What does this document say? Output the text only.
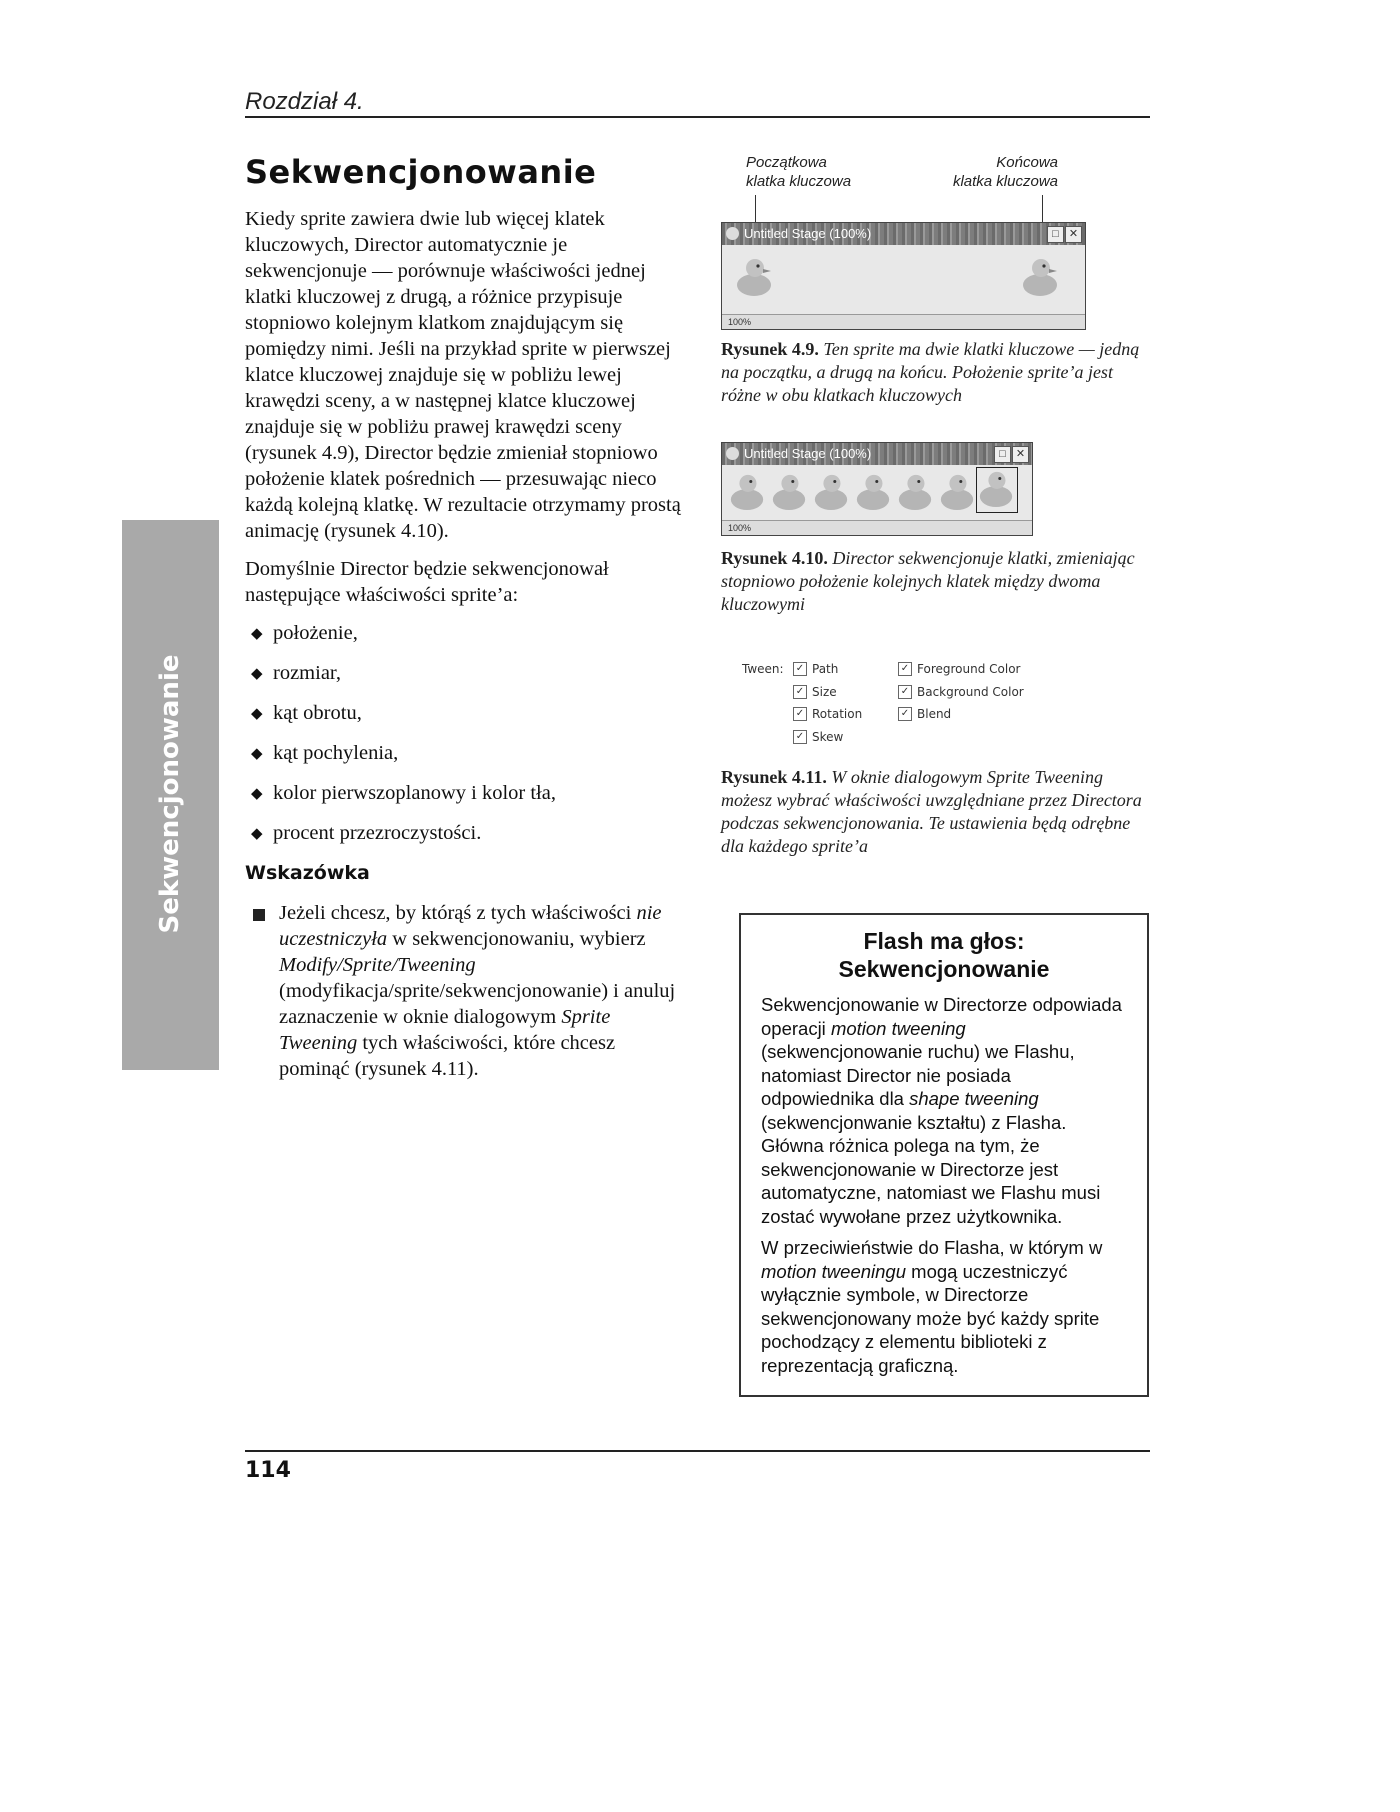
Rozdział 4.
Sekwencjonowanie
Sekwencjonowanie

Kiedy sprite zawiera dwie lub więcej klatek kluczowych, Director automatycznie je sekwencjonuje — porównuje właściwości jednej klatki kluczowej z drugą, a różnice przypisuje stopniowo kolejnym klatkom znajdującym się pomiędzy nimi. Jeśli na przykład sprite w pierwszej klatce kluczowej znajduje się w pobliżu lewej krawędzi sceny, a w następnej klatce kluczowej znajduje się w pobliżu prawej krawędzi sceny (rysunek 4.9), Director będzie zmieniał stopniowo położenie klatek pośrednich — przesuwając nieco każdą kolejną klatkę. W rezultacie otrzymamy prostą animację (rysunek 4.10).

Domyślnie Director będzie sekwencjonował następujące właściwości sprite’a:

◆ położenie,
◆ rozmiar,
◆ kąt obrotu,
◆ kąt pochylenia,
◆ kolor pierwszoplanowy i kolor tła,
◆ procent przezroczystości.
Wskazówka
Jeżeli chcesz, by którąś z tych właściwości nie uczestniczyła w sekwencjonowaniu, wybierz Modify/Sprite/Tweening (modyfikacja/sprite/sekwencjonowanie) i anuluj zaznaczenie w oknie dialogowym Sprite Tweening tych właściwości, które chcesz pominąć (rysunek 4.11).
Początkowa
klatka kluczowa
Końcowa
klatka kluczowa
Untitled Stage (100%)	□ ✕
100%
Rysunek 4.9. Ten sprite ma dwie klatki kluczowe — jedną na początku, a drugą na końcu. Położenie sprite’a jest różne w obu klatkach kluczowych
Untitled Stage (100%)	□ ✕
100%
Rysunek 4.10. Director sekwencjonuje klatki, zmieniając stopniowo położenie kolejnych klatek między dwoma kluczowymi
Tween: ✓ Path
✓ Size
✓ Rotation
✓ Skew
✓ Foreground Color
✓ Background Color
✓ Blend
Rysunek 4.11. W oknie dialogowym Sprite Tweening możesz wybrać właściwości uwzględniane przez Directora podczas sekwencjonowania. Te ustawienia będą odrębne dla każdego sprite’a
Flash ma głos:
Sekwencjonowanie

Sekwencjonowanie w Directorze odpowiada operacji motion tweening (sekwencjonowanie ruchu) we Flashu, natomiast Director nie posiada odpowiednika dla shape tweening (sekwencjonwanie kształtu) z Flasha. Główna różnica polega na tym, że sekwencjonowanie w Directorze jest automatyczne, natomiast we Flashu musi zostać wywołane przez użytkownika.

W przeciwieństwie do Flasha, w którym w motion tweeningu mogą uczestniczyć wyłącznie symbole, w Directorze sekwencjonowany może być każdy sprite pochodzący z elementu biblioteki z reprezentacją graficzną.

114
